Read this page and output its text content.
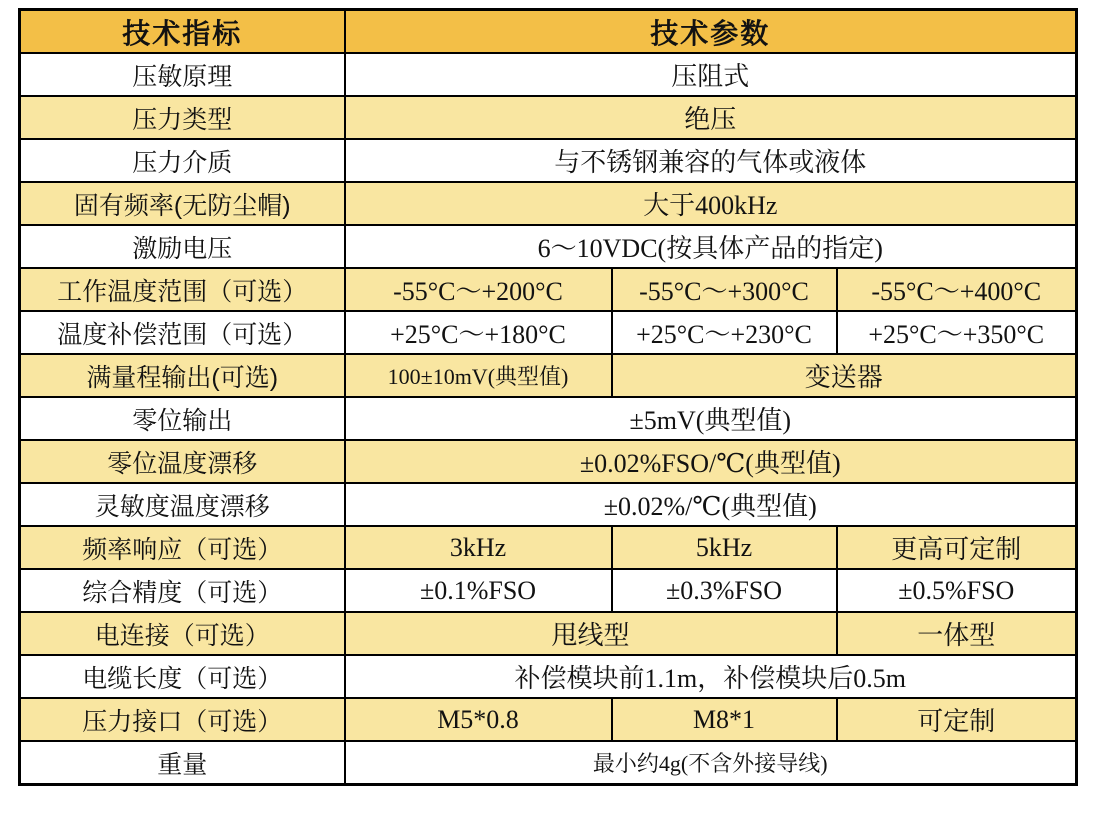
技术指标	技术参数		
压敏原理	压阻式		
压力类型	绝压		
压力介质	与不锈钢兼容的气体或液体		
固有频率(无防尘帽)	大于400kHz		
激励电压	6～10VDC(按具体产品的指定)		
工作温度范围（可选）	-55°C～+200°C	-55°C～+300°C	-55°C～+400°C
温度补偿范围（可选）	+25°C～+180°C	+25°C～+230°C	+25°C～+350°C
满量程输出(可选)	100±10mV(典型值)	变送器	
零位输出	±5mV(典型值)		
零位温度漂移	±0.02%FSO/℃(典型值)		
灵敏度温度漂移	±0.02%/℃(典型值)		
频率响应（可选）	3kHz	5kHz	更高可定制
综合精度（可选）	±0.1%FSO	±0.3%FSO	±0.5%FSO
电连接（可选）	甩线型		一体型
电缆长度（可选）	补偿模块前1.1m，补偿模块后0.5m		
压力接口（可选）	M5*0.8	M8*1	可定制
重量	最小约4g(不含外接导线)		
